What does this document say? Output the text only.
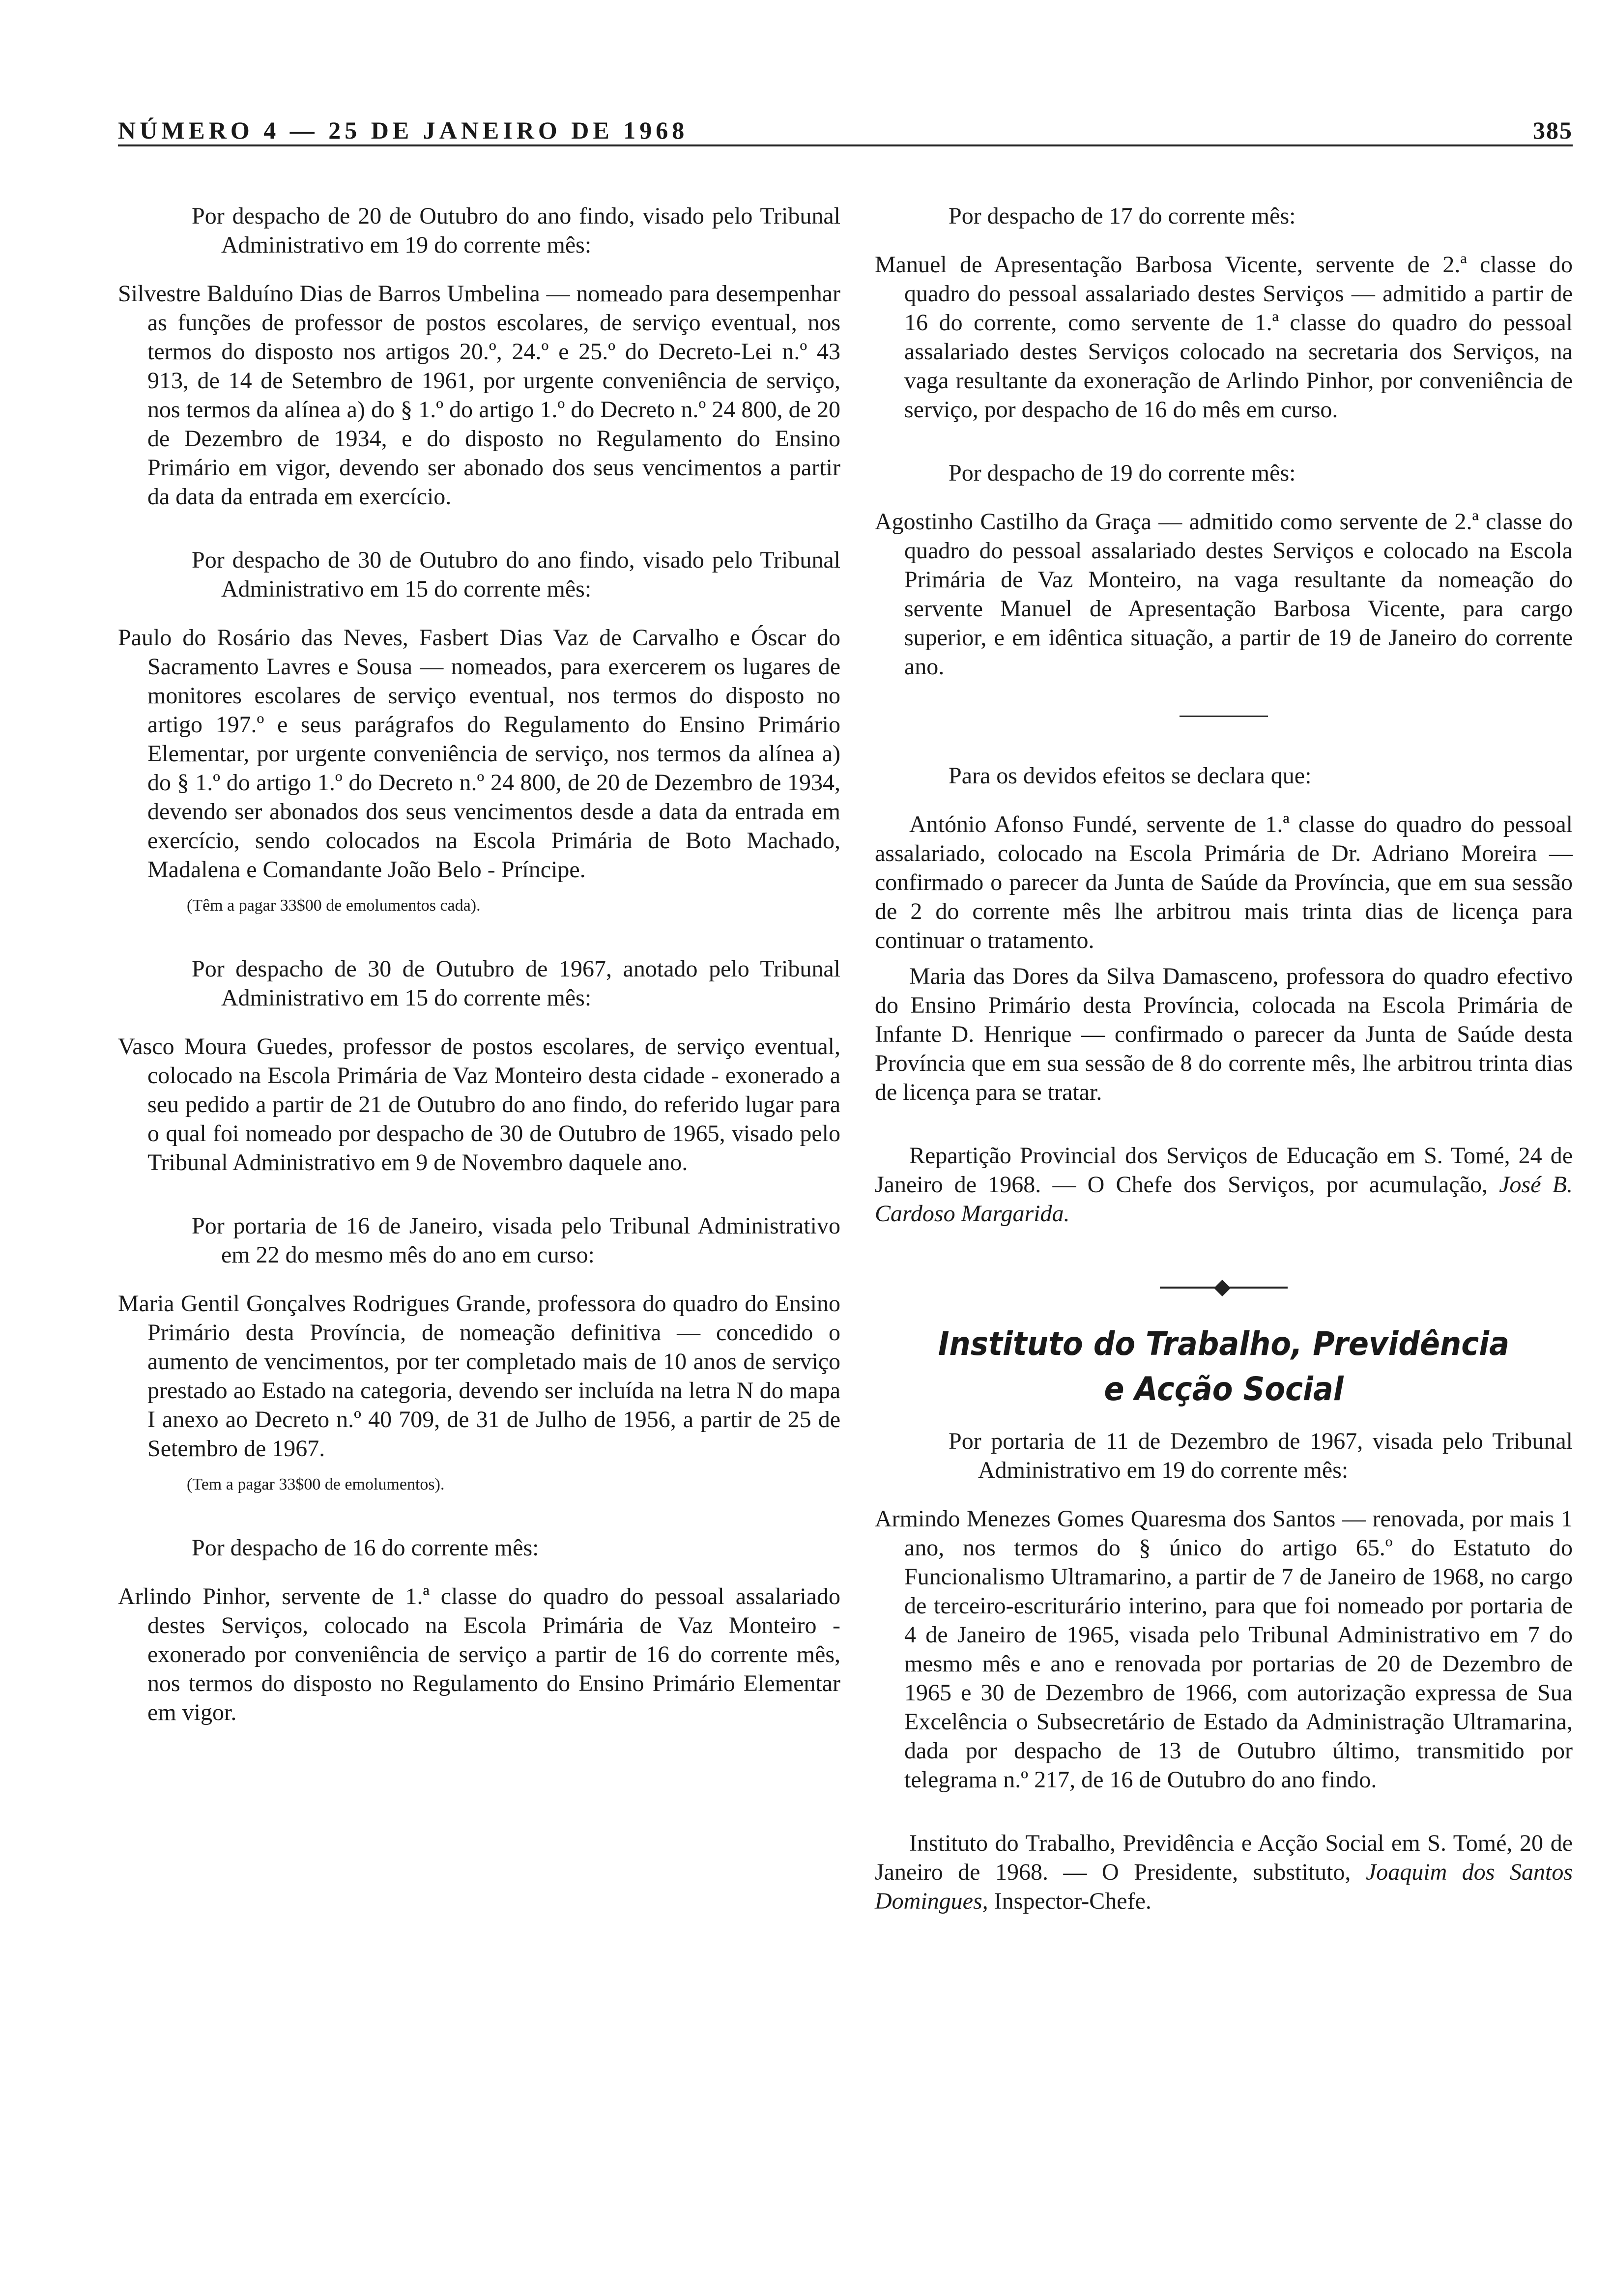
NÚMERO 4 — 25 DE JANEIRO DE 1968	385

Por despacho de 20 de Outubro do ano findo, visado pelo Tribunal Administrativo em 19 do corrente mês:

Silvestre Balduíno Dias de Barros Umbelina — nomeado para desempenhar as funções de professor de postos escolares, de serviço eventual, nos termos do disposto nos artigos 20.º, 24.º e 25.º do Decreto-Lei n.º 43 913, de 14 de Setembro de 1961, por urgente conveniência de serviço, nos termos da alínea a) do § 1.º do artigo 1.º do Decreto n.º 24 800, de 20 de Dezembro de 1934, e do disposto no Regulamento do Ensino Primário em vigor, devendo ser abonado dos seus vencimentos a partir da data da entrada em exercício.

Por despacho de 30 de Outubro do ano findo, visado pelo Tribunal Administrativo em 15 do corrente mês:

Paulo do Rosário das Neves, Fasbert Dias Vaz de Carvalho e Óscar do Sacramento Lavres e Sousa — nomeados, para exercerem os lugares de monitores escolares de serviço eventual, nos termos do disposto no artigo 197.º e seus parágrafos do Regulamento do Ensino Primário Elementar, por urgente conveniência de serviço, nos termos da alínea a) do § 1.º do artigo 1.º do Decreto n.º 24 800, de 20 de Dezembro de 1934, devendo ser abonados dos seus vencimentos desde a data da entrada em exercício, sendo colocados na Escola Primária de Boto Machado, Madalena e Comandante João Belo - Príncipe.

(Têm a pagar 33$00 de emolumentos cada).

Por despacho de 30 de Outubro de 1967, anotado pelo Tribunal Administrativo em 15 do corrente mês:

Vasco Moura Guedes, professor de postos escolares, de serviço eventual, colocado na Escola Primária de Vaz Monteiro desta cidade - exonerado a seu pedido a partir de 21 de Outubro do ano findo, do referido lugar para o qual foi nomeado por despacho de 30 de Outubro de 1965, visado pelo Tribunal Administrativo em 9 de Novembro daquele ano.

Por portaria de 16 de Janeiro, visada pelo Tribunal Administrativo em 22 do mesmo mês do ano em curso:

Maria Gentil Gonçalves Rodrigues Grande, professora do quadro do Ensino Primário desta Província, de nomeação definitiva — concedido o aumento de vencimentos, por ter completado mais de 10 anos de serviço prestado ao Estado na categoria, devendo ser incluída na letra N do mapa I anexo ao Decreto n.º 40 709, de 31 de Julho de 1956, a partir de 25 de Setembro de 1967.

(Tem a pagar 33$00 de emolumentos).

Por despacho de 16 do corrente mês:

Arlindo Pinhor, servente de 1.ª classe do quadro do pessoal assalariado destes Serviços, colocado na Escola Primária de Vaz Monteiro - exonerado por conveniência de serviço a partir de 16 do corrente mês, nos termos do disposto no Regulamento do Ensino Primário Elementar em vigor.

Por despacho de 17 do corrente mês:

Manuel de Apresentação Barbosa Vicente, servente de 2.ª classe do quadro do pessoal assalariado destes Serviços — admitido a partir de 16 do corrente, como servente de 1.ª classe do quadro do pessoal assalariado destes Serviços colocado na secretaria dos Serviços, na vaga resultante da exoneração de Arlindo Pinhor, por conveniência de serviço, por despacho de 16 do mês em curso.

Por despacho de 19 do corrente mês:

Agostinho Castilho da Graça — admitido como servente de 2.ª classe do quadro do pessoal assalariado destes Serviços e colocado na Escola Primária de Vaz Monteiro, na vaga resultante da nomeação do servente Manuel de Apresentação Barbosa Vicente, para cargo superior, e em idêntica situação, a partir de 19 de Janeiro do corrente ano.

Para os devidos efeitos se declara que:

António Afonso Fundé, servente de 1.ª classe do quadro do pessoal assalariado, colocado na Escola Primária de Dr. Adriano Moreira — confirmado o parecer da Junta de Saúde da Província, que em sua sessão de 2 do corrente mês lhe arbitrou mais trinta dias de licença para continuar o tratamento.

Maria das Dores da Silva Damasceno, professora do quadro efectivo do Ensino Primário desta Província, colocada na Escola Primária de Infante D. Henrique — confirmado o parecer da Junta de Saúde desta Província que em sua sessão de 8 do corrente mês, lhe arbitrou trinta dias de licença para se tratar.

Repartição Provincial dos Serviços de Educação em S. Tomé, 24 de Janeiro de 1968. — O Chefe dos Serviços, por acumulação, José B. Cardoso Margarida.

Instituto do Trabalho, Previdência
e Acção Social

Por portaria de 11 de Dezembro de 1967, visada pelo Tribunal Administrativo em 19 do corrente mês:

Armindo Menezes Gomes Quaresma dos Santos — renovada, por mais 1 ano, nos termos do § único do artigo 65.º do Estatuto do Funcionalismo Ultramarino, a partir de 7 de Janeiro de 1968, no cargo de terceiro-escriturário interino, para que foi nomeado por portaria de 4 de Janeiro de 1965, visada pelo Tribunal Administrativo em 7 do mesmo mês e ano e renovada por portarias de 20 de Dezembro de 1965 e 30 de Dezembro de 1966, com autorização expressa de Sua Excelência o Subsecretário de Estado da Administração Ultramarina, dada por despacho de 13 de Outubro último, transmitido por telegrama n.º 217, de 16 de Outubro do ano findo.

Instituto do Trabalho, Previdência e Acção Social em S. Tomé, 20 de Janeiro de 1968. — O Presidente, substituto, Joaquim dos Santos Domingues, Inspector-Chefe.
